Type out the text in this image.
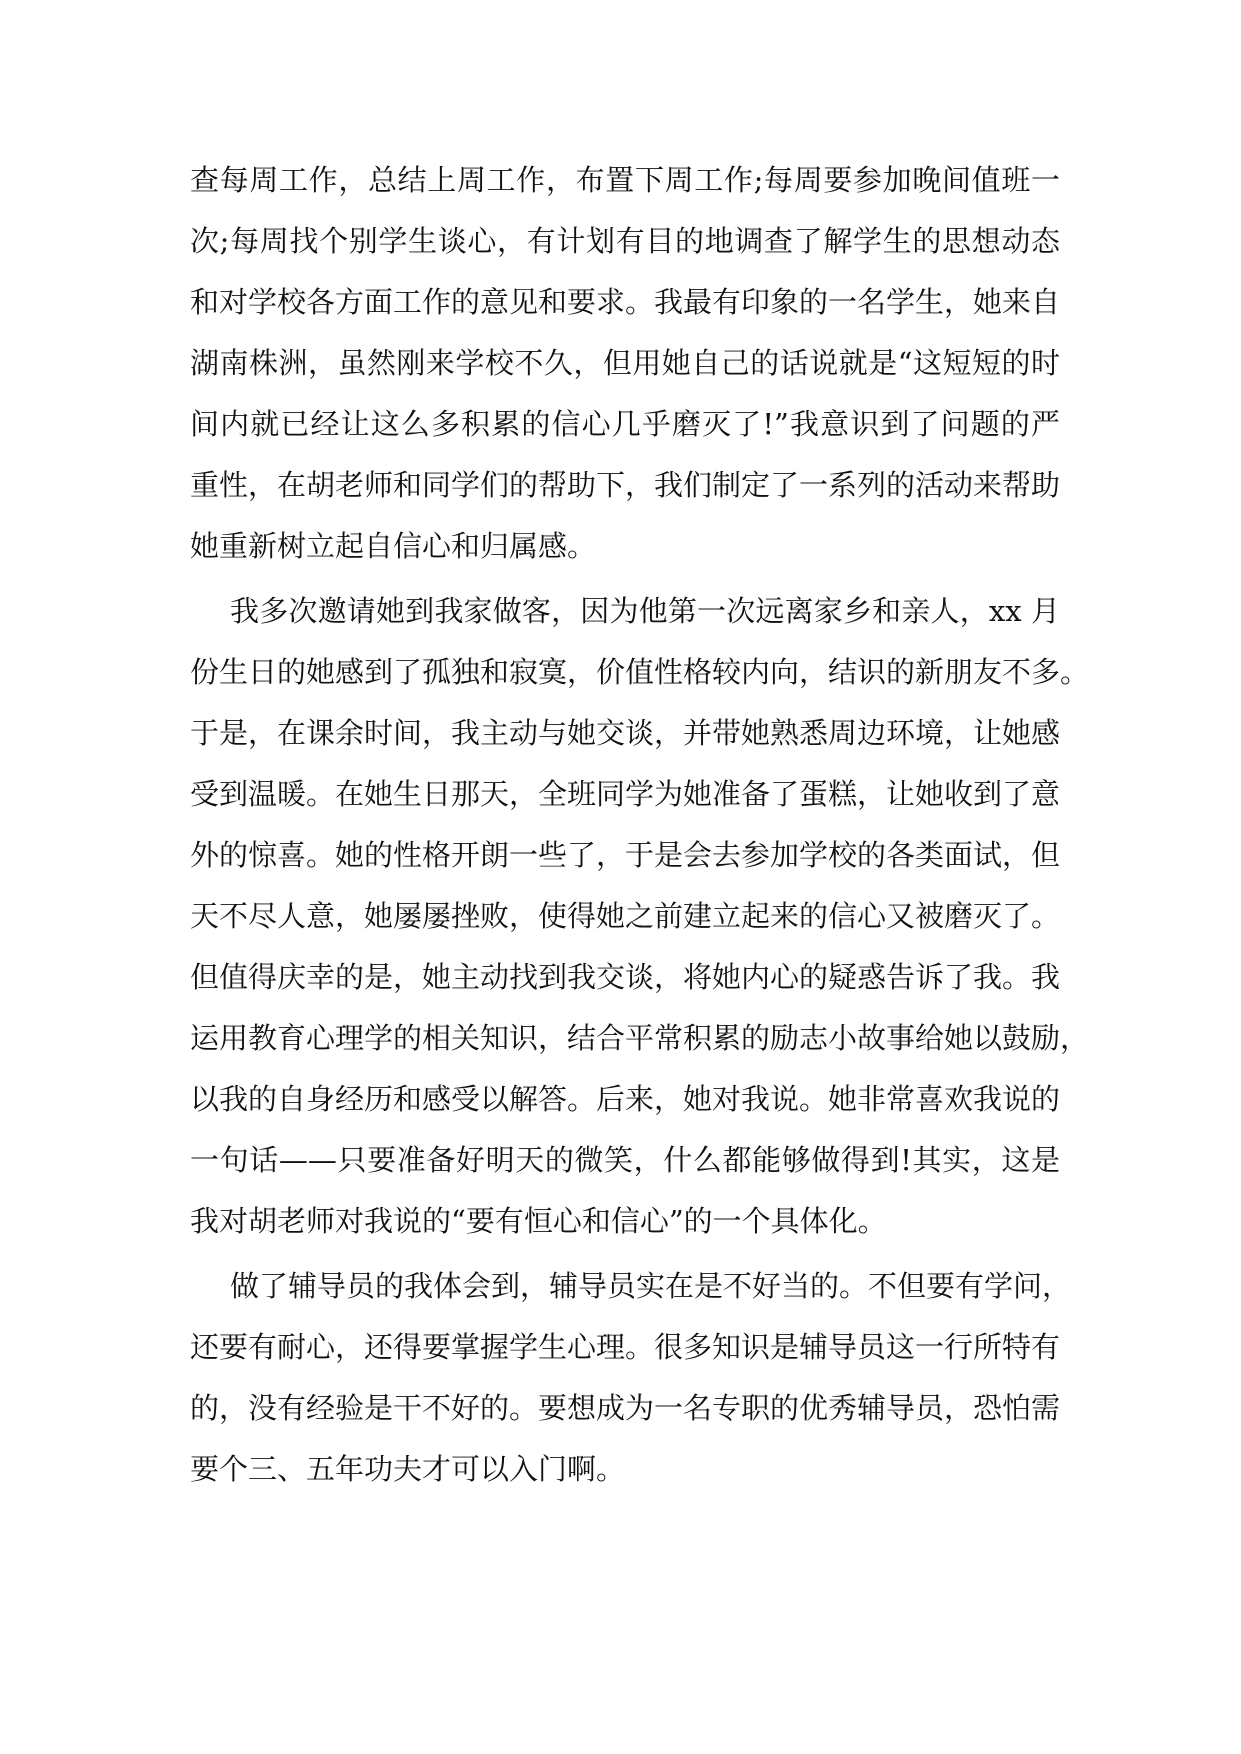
查每周工作，总结上周工作，布置下周工作;每周要参加晚间值班一
次;每周找个别学生谈心，有计划有目的地调查了解学生的思想动态
和对学校各方面工作的意见和要求。我最有印象的一名学生，她来自
湖南株洲，虽然刚来学校不久，但用她自己的话说就是“这短短的时
间内就已经让这么多积累的信心几乎磨灭了!”我意识到了问题的严
重性，在胡老师和同学们的帮助下，我们制定了一系列的活动来帮助
她重新树立起自信心和归属感。
我多次邀请她到我家做客，因为他第一次远离家乡和亲人，xx 月
份生日的她感到了孤独和寂寞，价值性格较内向，结识的新朋友不多。
于是，在课余时间，我主动与她交谈，并带她熟悉周边环境，让她感
受到温暖。在她生日那天，全班同学为她准备了蛋糕，让她收到了意
外的惊喜。她的性格开朗一些了，于是会去参加学校的各类面试，但
天不尽人意，她屡屡挫败，使得她之前建立起来的信心又被磨灭了。
但值得庆幸的是，她主动找到我交谈，将她内心的疑惑告诉了我。我
运用教育心理学的相关知识，结合平常积累的励志小故事给她以鼓励，
以我的自身经历和感受以解答。后来，她对我说。她非常喜欢我说的
一句话——只要准备好明天的微笑，什么都能够做得到!其实，这是
我对胡老师对我说的“要有恒心和信心”的一个具体化。
做了辅导员的我体会到，辅导员实在是不好当的。不但要有学问，
还要有耐心，还得要掌握学生心理。很多知识是辅导员这一行所特有
的，没有经验是干不好的。要想成为一名专职的优秀辅导员，恐怕需
要个三、五年功夫才可以入门啊。
